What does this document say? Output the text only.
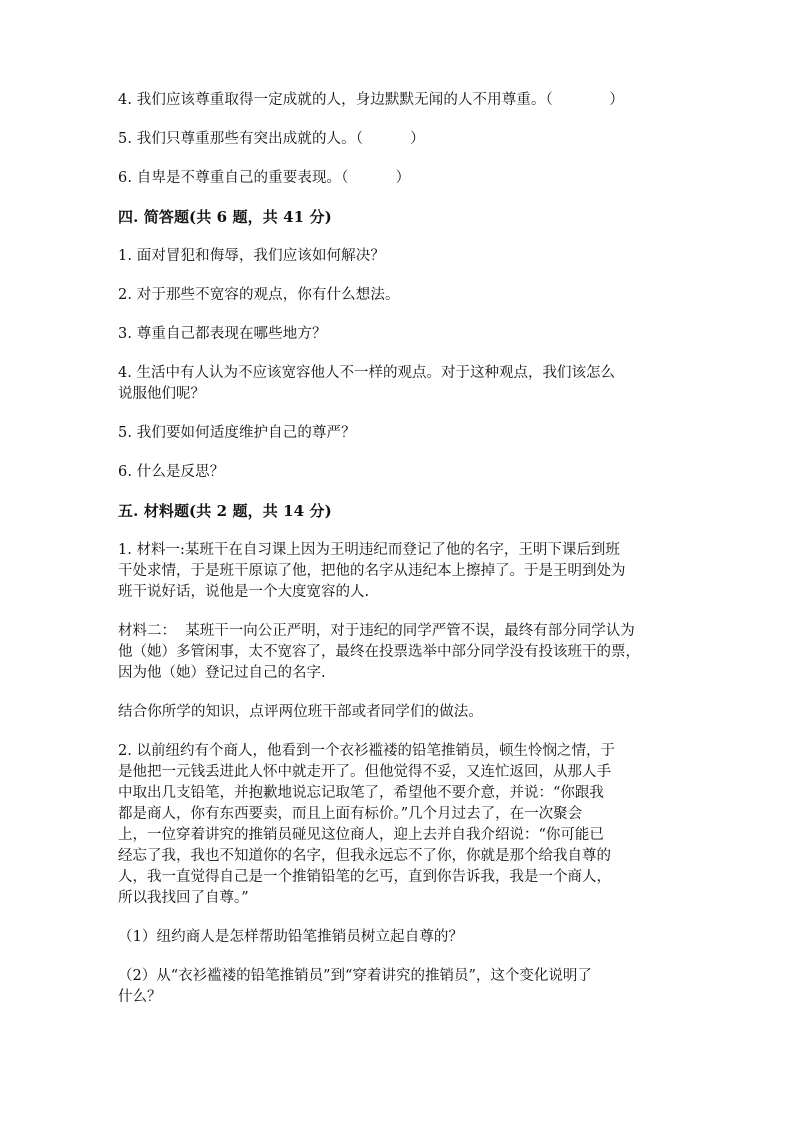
4. 我们应该尊重取得一定成就的人，身边默默无闻的人不用尊重。（            ）

5. 我们只尊重那些有突出成就的人。（          ）

6. 自卑是不尊重自己的重要表现。（          ）

四. 简答题(共 6 题，共 41 分)

1. 面对冒犯和侮辱，我们应该如何解决？

2. 对于那些不宽容的观点，你有什么想法。

3. 尊重自己都表现在哪些地方？

4. 生活中有人认为不应该宽容他人不一样的观点。对于这种观点，我们该怎么
说服他们呢？

5. 我们要如何适度维护自己的尊严？

6. 什么是反思？

五. 材料题(共 2 题，共 14 分)

1. 材料一:某班干在自习课上因为王明违纪而登记了他的名字，王明下课后到班
干处求情，于是班干原谅了他，把他的名字从违纪本上擦掉了。于是王明到处为
班干说好话，说他是一个大度宽容的人.
材料二：  某班干一向公正严明，对于违纪的同学严管不误，最终有部分同学认为
他（她）多管闲事，太不宽容了，最终在投票选举中部分同学没有投该班干的票，
因为他（她）登记过自己的名字.

结合你所学的知识，点评两位班干部或者同学们的做法。

2. 以前纽约有个商人，他看到一个衣衫褴褛的铅笔推销员，顿生怜悯之情，于
是他把一元钱丢进此人怀中就走开了。但他觉得不妥，又连忙返回，从那人手
中取出几支铅笔，并抱歉地说忘记取笔了，希望他不要介意，并说：“你跟我
都是商人，你有东西要卖，而且上面有标价。”几个月过去了，在一次聚会
上，一位穿着讲究的推销员碰见这位商人，迎上去并自我介绍说：“你可能已
经忘了我，我也不知道你的名字，但我永远忘不了你，你就是那个给我自尊的
人，我一直觉得自己是一个推销铅笔的乞丐，直到你告诉我，我是一个商人，
所以我找回了自尊。”

（1）纽约商人是怎样帮助铅笔推销员树立起自尊的？

（2）从“衣衫褴褛的铅笔推销员”到“穿着讲究的推销员”，这个变化说明了
什么？
